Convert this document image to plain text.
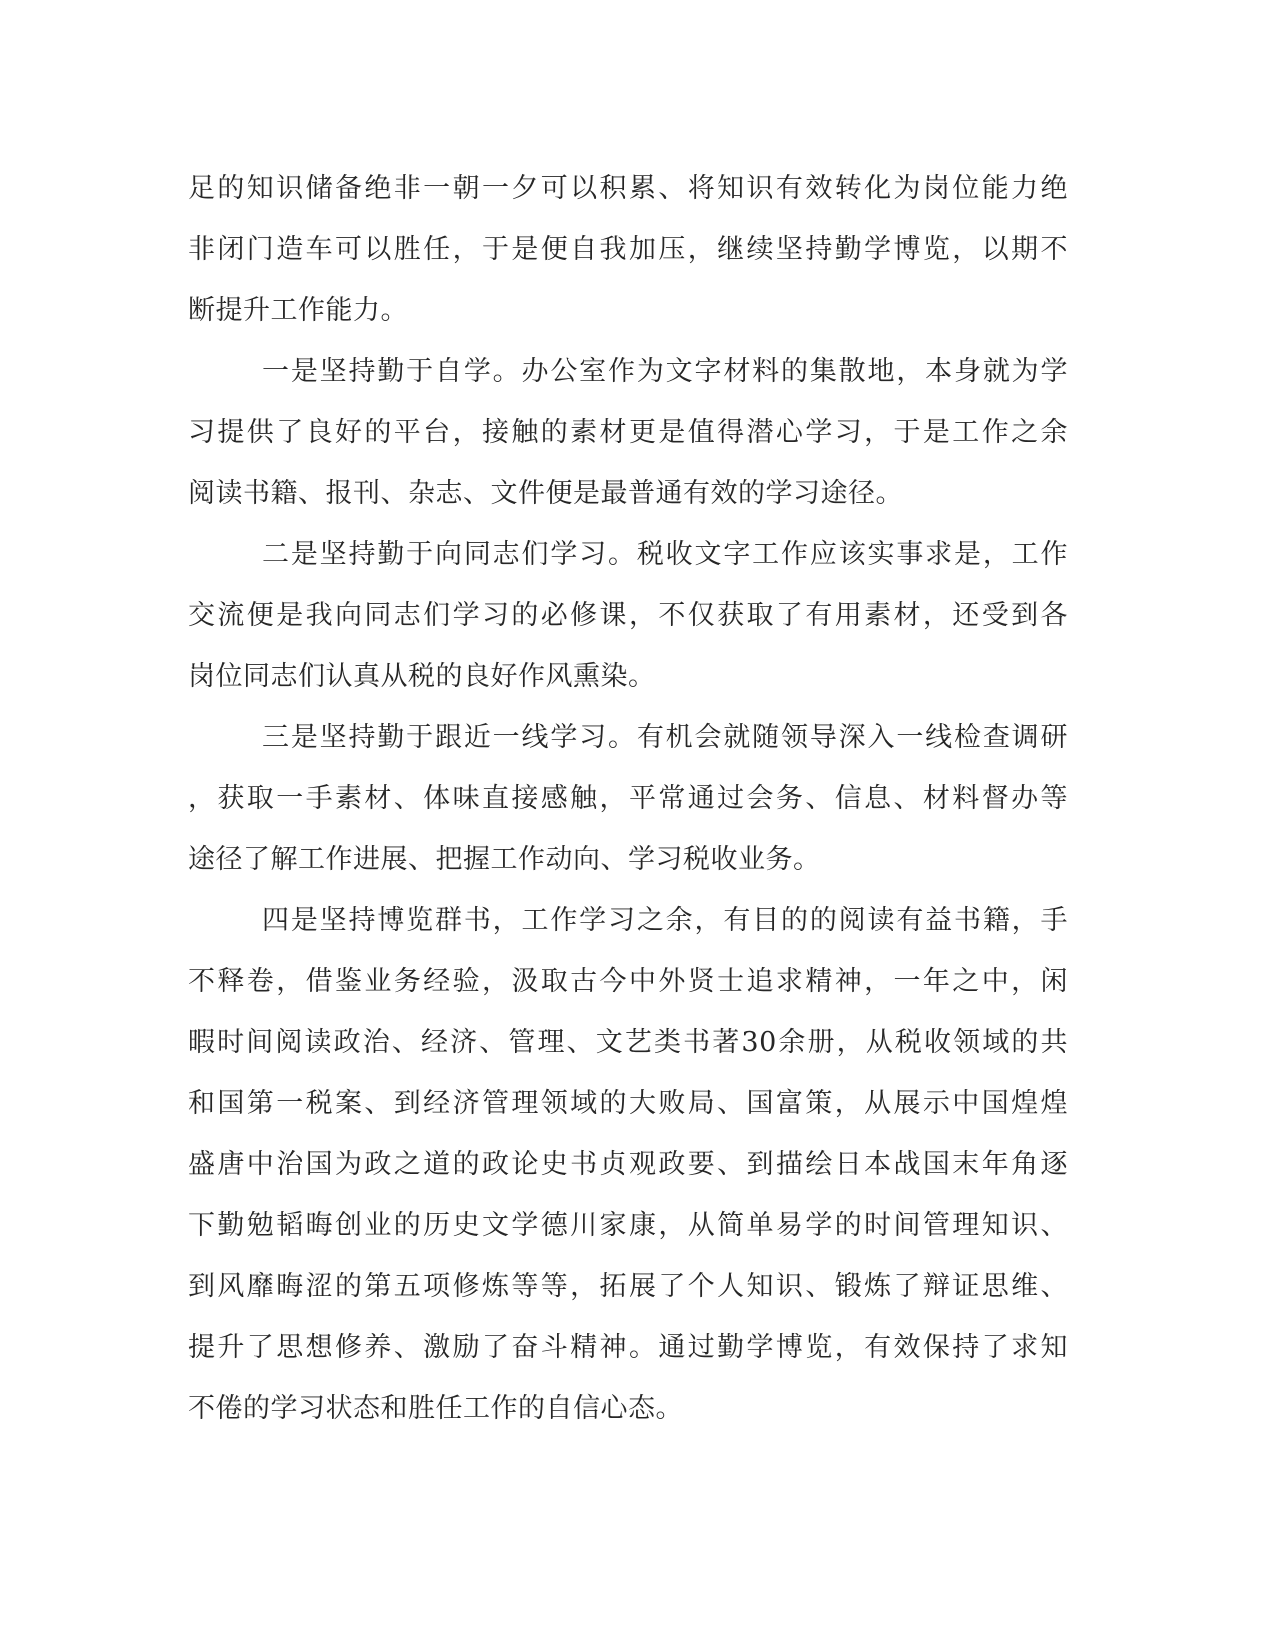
足的知识储备绝非一朝一夕可以积累、将知识有效转化为岗位能力绝
非闭门造车可以胜任，于是便自我加压，继续坚持勤学博览，以期不
断提升工作能力。
一是坚持勤于自学。办公室作为文字材料的集散地，本身就为学
习提供了良好的平台，接触的素材更是值得潜心学习，于是工作之余
阅读书籍、报刊、杂志、文件便是最普通有效的学习途径。
二是坚持勤于向同志们学习。税收文字工作应该实事求是，工作
交流便是我向同志们学习的必修课，不仅获取了有用素材，还受到各
岗位同志们认真从税的良好作风熏染。
三是坚持勤于跟近一线学习。有机会就随领导深入一线检查调研
，获取一手素材、体味直接感触，平常通过会务、信息、材料督办等
途径了解工作进展、把握工作动向、学习税收业务。
四是坚持博览群书，工作学习之余，有目的的阅读有益书籍，手
不释卷，借鉴业务经验，汲取古今中外贤士追求精神，一年之中，闲
暇时间阅读政治、经济、管理、文艺类书著30余册，从税收领域的共
和国第一税案、到经济管理领域的大败局、国富策，从展示中国煌煌
盛唐中治国为政之道的政论史书贞观政要、到描绘日本战国末年角逐
下勤勉韬晦创业的历史文学德川家康，从简单易学的时间管理知识、
到风靡晦涩的第五项修炼等等，拓展了个人知识、锻炼了辩证思维、
提升了思想修养、激励了奋斗精神。通过勤学博览，有效保持了求知
不倦的学习状态和胜任工作的自信心态。
